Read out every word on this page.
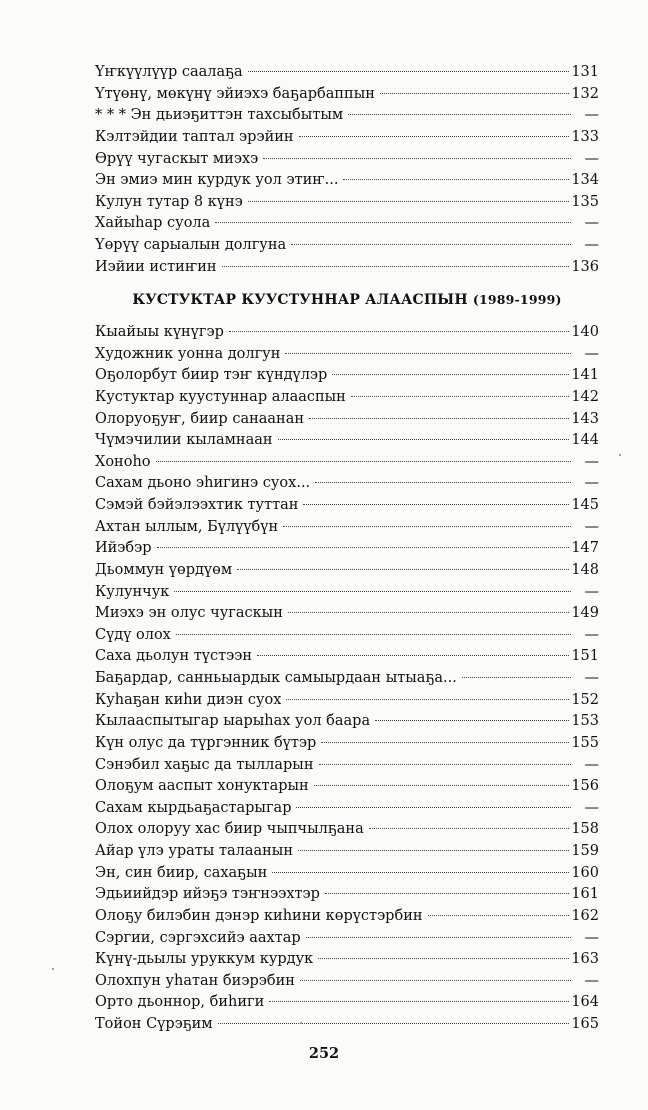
Үҥкүүлүүр саалаҕа	131
Үтүөнү, мөкүнү эйиэхэ баҕарбаппын	132
* * * Эн дьиэҕиттэн тахсыбытым	—
Кэлтэйдии таптал эрэйин	133
Өрүү чугаскыт миэхэ	—
Эн эмиэ мин курдук уол этиҥ...	134
Кулун тутар 8 күнэ	135
Хайыһар суола	—
Үөрүү сарыалын долгуна	—
Иэйии истиҥин	136
КУСТУКТАР КУУСТУННАР АЛААСПЫН (1989-1999)
Кыайыы күнүгэр	140
Художник уонна долгун	—
Оҕолорбут биир тэҥ күндүлэр	141
Кустуктар куустуннар алааспын	142
Олоруоҕуҥ, биир санаанан	143
Чүмэчилии кыламнаан	144
Хоноһо	—
Сахам дьоно эһигинэ суох...	—
Сэмэй бэйэлээхтик туттан	145
Ахтан ыллым, Бүлүүбүн	—
Ийэбэр	147
Дьоммун үөрдүөм	148
Кулунчук	—
Миэхэ эн олус чугаскын	149
Сүдү олох	—
Саха дьолун түстээн	151
Баҕардар, санньыардык самыырдаан ытыаҕа...	—
Куһаҕан киһи диэн суох	152
Кылааспытыгар ыарыһах уол баара	153
Күн олус да түргэнник бүтэр	155
Сэнэбил хаҕыс да тылларын	—
Олоҕум ааспыт хонуктарын	156
Сахам кырдьаҕастарыгар	—
Олох олоруу хас биир чыпчылҕана	158
Айар үлэ ураты талаанын	159
Эн, син биир, сахаҕын	160
Эдьиийдэр ийэҕэ тэҥнээхтэр	161
Олоҕу билэбин дэнэр киһини көрүстэрбин	162
Сэргии, сэргэхсийэ аахтар	—
Күнү-дьылы уруккум курдук	163
Олохпун уһатан биэрэбин	—
Орто дьоннор, биһиги	164
Тойон Сүрэҕим	165
252
